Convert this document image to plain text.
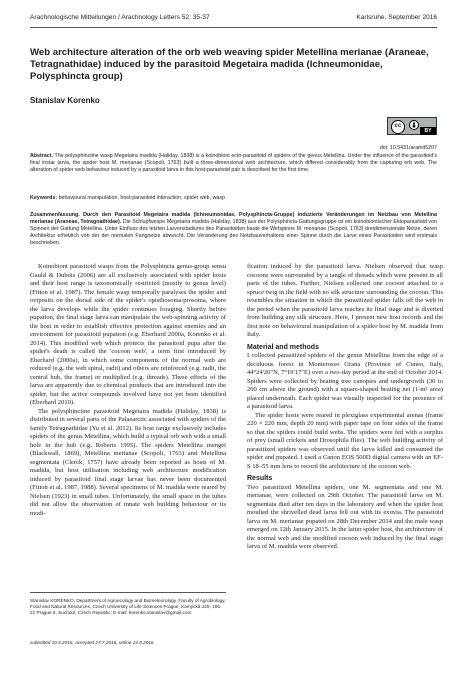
Arachnologische Mitteilungen / Arachnology Letters 52: 35-37	Karlsruhe, September 2016
Web architecture alteration of the orb web weaving spider Metellina merianae (Araneae, Tetragnathidae) induced by the parasitoid Megetaira madida (Ichneumonidae, Polysphincta group)
Stanislav Korenko
cc
BY
doi: 10.5431/aramit5207
Abstract. The polysphinctine wasp Megetaira madida (Haliday, 1838) is a koinobiont ecto-parasitoid of spiders of the genus Metellina. Under the influence of the parasitoid's final instar larva, the spider host M. merianae (Scopoli, 1763) built a three-dimensional web architecture, which differed considerably from the capturing orb web. The alteration of spider web behaviour induced by a parasitoid larva in this host-parasitoid pair is described for the first time.
Keywords: behavioural manipulation, host-parasitoid interaction, spider web, wasp
Zusammenfassung. Durch den Parasitoid Megetaira madida (Ichneumonidae, Polysphincta-Gruppe) induzierte Veränderungen im Netzbau von Metellina merianae (Araneae, Tetragnathidae). Die Schlupfwespe Megetaira madida (Haliday, 1838) aus der Polysphincta-Gattungsgruppe ist ein koinobiontischer Ektoparasitoid von Spinnen der Gattung Metellina. Unter Einfluss des letzten Larvenstadiums des Parasitoiden baute die Wirtspinne M. merianae (Scopoli, 1763) dreidimensionale Netze, deren Architektur erheblich von der der normalen Fangnetze abweicht. Die Veränderung des Netzbauverhaltens einer Spinne durch die Larve eines Parasitoiden wird erstmals beschrieben.

Koinobiont parasitoid wasps from the Polysphincta genus-group sensu Gauld & Dubois (2006) are all exclusively associated with spider hosts and their host range is taxonomically restricted (mostly to genus level) (Fitton et al. 1987). The female wasp temporally paralyses the spider and oviposits on the dorsal side of the spider's opisthosoma/prosoma, where the larva develops while the spider continues foraging. Shortly before pupation, the final stage larva can manipulate the web-spinning activity of the host in order to establish effective protection against enemies and an environment for parasitoid pupation (e.g. Eberhard 2000a, Korenko et al. 2014). This modified web which protects the parasitoid pupa after the spider's death is called the 'cocoon web', a term first introduced by Eberhard (2000a), in which some components of the normal web are reduced (e.g. the web spiral, radii) and others are reinforced (e.g. radii, the central hub, the frame) or multiplied (e.g. threads). These effects of the larva are apparently due to chemical products that are introduced into the spider, but the active compounds involved have not yet been identified (Eberhard 2010).

The polysphinctine parasitoid Megetaira madida (Haliday, 1838) is distributed in several parts of the Palaearctic associated with spiders of the family Tetragnathidae (Yu et al. 2012). Its host range exclusively includes spiders of the genus Metellina, which build a typical orb web with a small hole in the hub (e.g. Roberts 1995). The spiders Metellina mengei (Blackwall, 1869), Metellina merianae (Scopoli, 1763) and Metellina segmentata (Clerck, 1757) have already been reported as hosts of M. madida, but host utilisation including web architecture modification induced by parasitoid final stage larvae has never been documented (Fitton et al. 1987, 1988). Several specimens of M. madida were reared by Nielsen (1923) in small tubes. Unfortunately, the small space in the tubes did not allow the observation of innate web building behaviour or its modi-

Stanislav KORENKO, Department of Agroecology and Biometeorology, Faculty of Agrobiology, Food and Natural Resources, Czech University of Life Sciences Prague, Kamýcká 129, 165 21 Prague 6, Suchdol, Czech Republic; E-mail: korenko.stanislav@gmail.com
submitted 10.5.2016, accepted 27.7.2016, online 14.8.2016

fication induced by the parasitoid larva. Nielsen observed that wasp cocoons were surrounded by a tangle of threads which were present in all parts of the tubes. Further, Nielsen collected one cocoon attached to a spruce twig in the field with no silk structure surrounding the cocoon. This resembles the situation in which the parasitized spider falls off the web in the period when the parasitoid larva reaches its final stage and is diverted from building any silk structure. Here, I present new host records and the first note on behavioural manipulation of a spider host by M. madida from Italy.

Material and methods

I collected parasitized spiders of the genus Metellina from the edge of a deciduous forest in Monterosso Grana (Province of Cuneo, Italy, 44°24'20"N, 7°19'17"E) over a two-day period at the end of October 2014. Spiders were collected by beating tree canopies and undergrowth (30 to 200 cm above the ground) with a square-shaped beating net (1-m² area) placed underneath. Each spider was visually inspected for the presence of a parasitoid larva.

The spider hosts were reared in plexiglass experimental arenas (frame 220 × 220 mm, depth 20 mm) with paper tape on four sides of the frame so that the spiders could build webs. The spiders were fed with a surplus of prey (small crickets and Drosophila flies). The web building activity of parasitized spiders was observed until the larva killed and consumed the spider and pupated. I used a Canon EOS 500D digital camera with an EF-S 18–55 mm lens to record the architecture of the cocoon web.

Results

Two parasitized Metellina spiders, one M. segmentata and one M. merianae, were collected on 29th October. The parasitoid larva on M. segmentata died after ten days in the laboratory and when the spider host moulted the shrivelled dead larva fell out with its exuvia. The parasitoid larva on M. merianae pupated on 28th December 2014 and the male wasp emerged on 12th January 2015. In the latter spider host, the architecture of the normal web and the modified cocoon web induced by the final stage larva of M. madida were observed.
